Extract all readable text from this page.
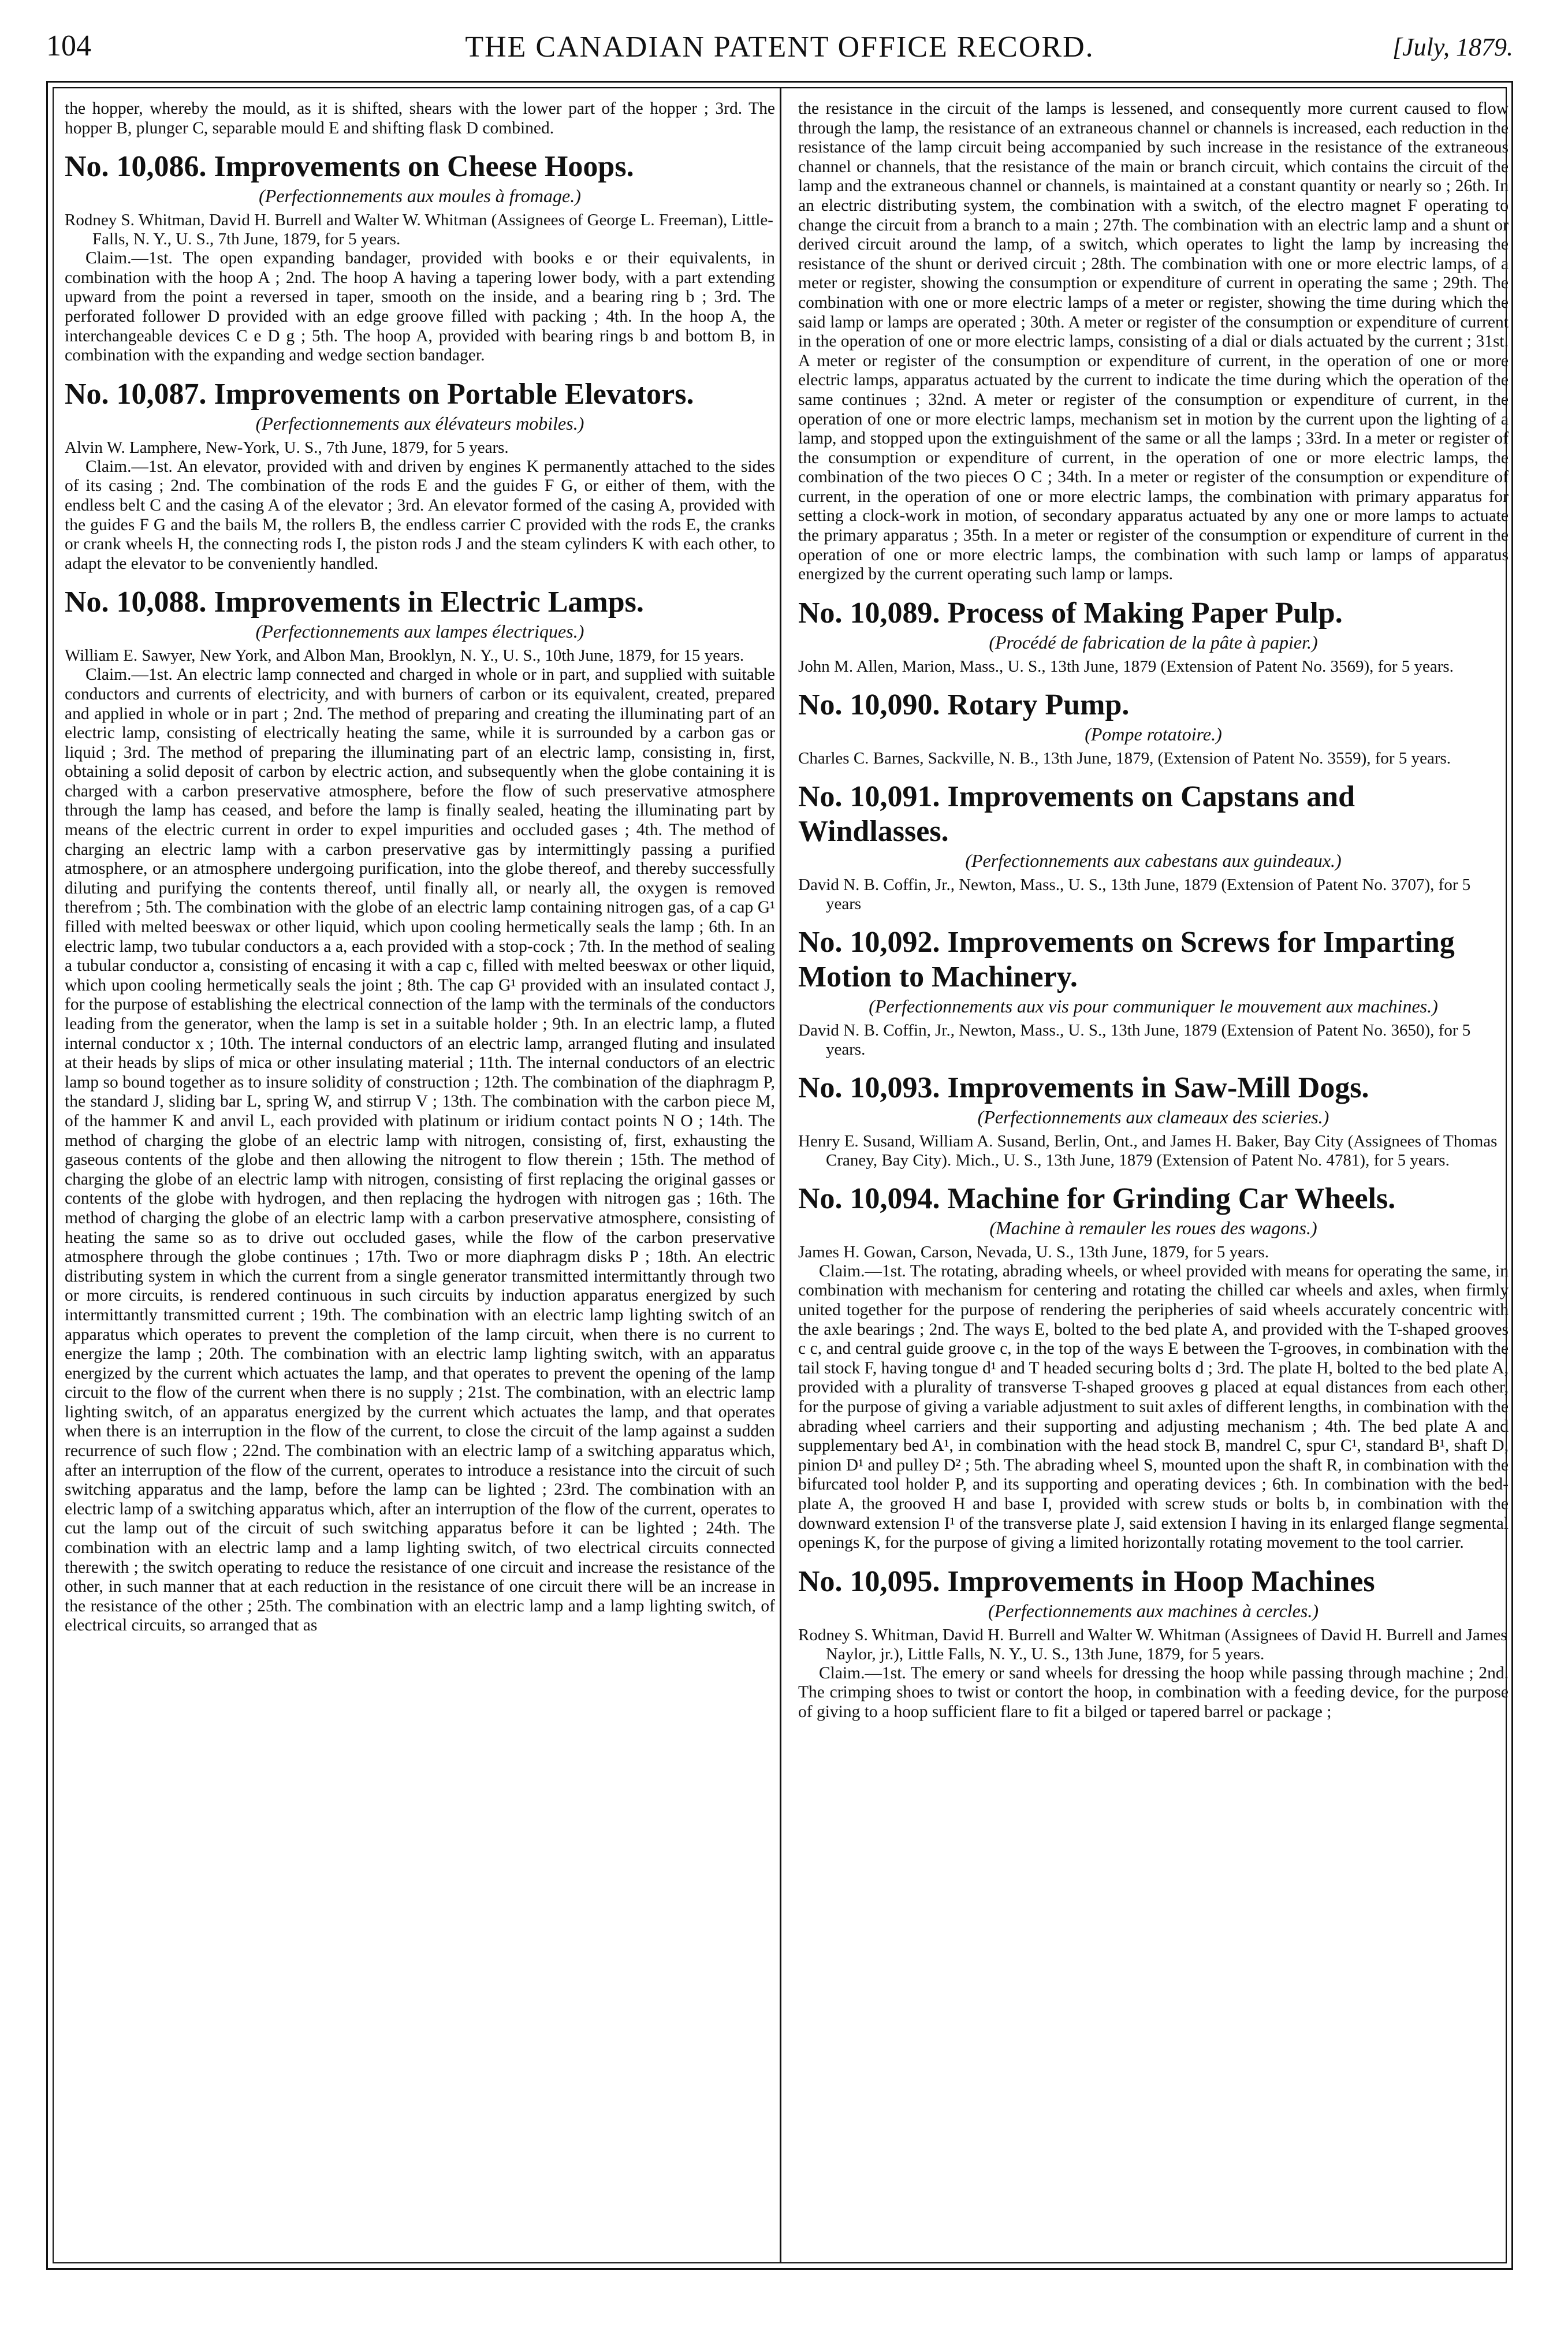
104	THE CANADIAN PATENT OFFICE RECORD.	[July, 1879.

the hopper, whereby the mould, as it is shifted, shears with the lower part of the hopper ; 3rd. The hopper B, plunger C, separable mould E and shifting flask D combined.

No. 10,086. Improvements on Cheese Hoops.

(Perfectionnements aux moules à fromage.)

Rodney S. Whitman, David H. Burrell and Walter W. Whitman (Assignees of George L. Freeman), Little-Falls, N. Y., U. S., 7th June, 1879, for 5 years.

Claim.—1st. The open expanding bandager, provided with books e or their equivalents, in combination with the hoop A ; 2nd. The hoop A having a tapering lower body, with a part extending upward from the point a reversed in taper, smooth on the inside, and a bearing ring b ; 3rd. The perforated follower D provided with an edge groove filled with packing ; 4th. In the hoop A, the interchangeable devices C e D g ; 5th. The hoop A, provided with bearing rings b and bottom B, in combination with the expanding and wedge section bandager.

No. 10,087. Improvements on Portable Elevators.

(Perfectionnements aux élévateurs mobiles.)

Alvin W. Lamphere, New-York, U. S., 7th June, 1879, for 5 years.

Claim.—1st. An elevator, provided with and driven by engines K permanently attached to the sides of its casing ; 2nd. The combination of the rods E and the guides F G, or either of them, with the endless belt C and the casing A of the elevator ; 3rd. An elevator formed of the casing A, provided with the guides F G and the bails M, the rollers B, the endless carrier C provided with the rods E, the cranks or crank wheels H, the connecting rods I, the piston rods J and the steam cylinders K with each other, to adapt the elevator to be conveniently handled.

No. 10,088. Improvements in Electric Lamps.

(Perfectionnements aux lampes électriques.)

William E. Sawyer, New York, and Albon Man, Brooklyn, N. Y., U. S., 10th June, 1879, for 15 years.

Claim.—1st. An electric lamp connected and charged in whole or in part, and supplied with suitable conductors and currents of electricity, and with burners of carbon or its equivalent, created, prepared and applied in whole or in part ; 2nd. The method of preparing and creating the illuminating part of an electric lamp, consisting of electrically heating the same, while it is surrounded by a carbon gas or liquid ; 3rd. The method of preparing the illuminating part of an electric lamp, consisting in, first, obtaining a solid deposit of carbon by electric action, and subsequently when the globe containing it is charged with a carbon preservative atmosphere, before the flow of such preservative atmosphere through the lamp has ceased, and before the lamp is finally sealed, heating the illuminating part by means of the electric current in order to expel impurities and occluded gases ; 4th. The method of charging an electric lamp with a carbon preservative gas by intermittingly passing a purified atmosphere, or an atmosphere undergoing purification, into the globe thereof, and thereby successfully diluting and purifying the contents thereof, until finally all, or nearly all, the oxygen is removed therefrom ; 5th. The combination with the globe of an electric lamp containing nitrogen gas, of a cap G¹ filled with melted beeswax or other liquid, which upon cooling hermetically seals the lamp ; 6th. In an electric lamp, two tubular conductors a a, each provided with a stop-cock ; 7th. In the method of sealing a tubular conductor a, consisting of encasing it with a cap c, filled with melted beeswax or other liquid, which upon cooling hermetically seals the joint ; 8th. The cap G¹ provided with an insulated contact J, for the purpose of establishing the electrical connection of the lamp with the terminals of the conductors leading from the generator, when the lamp is set in a suitable holder ; 9th. In an electric lamp, a fluted internal conductor x ; 10th. The internal conductors of an electric lamp, arranged fluting and insulated at their heads by slips of mica or other insulating material ; 11th. The internal conductors of an electric lamp so bound together as to insure solidity of construction ; 12th. The combination of the diaphragm P, the standard J, sliding bar L, spring W, and stirrup V ; 13th. The combination with the carbon piece M, of the hammer K and anvil L, each provided with platinum or iridium contact points N O ; 14th. The method of charging the globe of an electric lamp with nitrogen, consisting of, first, exhausting the gaseous contents of the globe and then allowing the nitrogent to flow therein ; 15th. The method of charging the globe of an electric lamp with nitrogen, consisting of first replacing the original gasses or contents of the globe with hydrogen, and then replacing the hydrogen with nitrogen gas ; 16th. The method of charging the globe of an electric lamp with a carbon preservative atmosphere, consisting of heating the same so as to drive out occluded gases, while the flow of the carbon preservative atmosphere through the globe continues ; 17th. Two or more diaphragm disks P ; 18th. An electric distributing system in which the current from a single generator transmitted intermittantly through two or more circuits, is rendered continuous in such circuits by induction apparatus energized by such intermittantly transmitted current ; 19th. The combination with an electric lamp lighting switch of an apparatus which operates to prevent the completion of the lamp circuit, when there is no current to energize the lamp ; 20th. The combination with an electric lamp lighting switch, with an apparatus energized by the current which actuates the lamp, and that operates to prevent the opening of the lamp circuit to the flow of the current when there is no supply ; 21st. The combination, with an electric lamp lighting switch, of an apparatus energized by the current which actuates the lamp, and that operates when there is an interruption in the flow of the current, to close the circuit of the lamp against a sudden recurrence of such flow ; 22nd. The combination with an electric lamp of a switching apparatus which, after an interruption of the flow of the current, operates to introduce a resistance into the circuit of such switching apparatus and the lamp, before the lamp can be lighted ; 23rd. The combination with an electric lamp of a switching apparatus which, after an interruption of the flow of the current, operates to cut the lamp out of the circuit of such switching apparatus before it can be lighted ; 24th. The combination with an electric lamp and a lamp lighting switch, of two electrical circuits connected therewith ; the switch operating to reduce the resistance of one circuit and increase the resistance of the other, in such manner that at each reduction in the resistance of one circuit there will be an increase in the resistance of the other ; 25th. The combination with an electric lamp and a lamp lighting switch, of electrical circuits, so arranged that as

the resistance in the circuit of the lamps is lessened, and consequently more current caused to flow through the lamp, the resistance of an extraneous channel or channels is increased, each reduction in the resistance of the lamp circuit being accompanied by such increase in the resistance of the extraneous channel or channels, that the resistance of the main or branch circuit, which contains the circuit of the lamp and the extraneous channel or channels, is maintained at a constant quantity or nearly so ; 26th. In an electric distributing system, the combination with a switch, of the electro magnet F operating to change the circuit from a branch to a main ; 27th. The combination with an electric lamp and a shunt or derived circuit around the lamp, of a switch, which operates to light the lamp by increasing the resistance of the shunt or derived circuit ; 28th. The combination with one or more electric lamps, of a meter or register, showing the consumption or expenditure of current in operating the same ; 29th. The combination with one or more electric lamps of a meter or register, showing the time during which the said lamp or lamps are operated ; 30th. A meter or register of the consumption or expenditure of current in the operation of one or more electric lamps, consisting of a dial or dials actuated by the current ; 31st. A meter or register of the consumption or expenditure of current, in the operation of one or more electric lamps, apparatus actuated by the current to indicate the time during which the operation of the same continues ; 32nd. A meter or register of the consumption or expenditure of current, in the operation of one or more electric lamps, mechanism set in motion by the current upon the lighting of a lamp, and stopped upon the extinguishment of the same or all the lamps ; 33rd. In a meter or register of the consumption or expenditure of current, in the operation of one or more electric lamps, the combination of the two pieces O C ; 34th. In a meter or register of the consumption or expenditure of current, in the operation of one or more electric lamps, the combination with primary apparatus for setting a clock-work in motion, of secondary apparatus actuated by any one or more lamps to actuate the primary apparatus ; 35th. In a meter or register of the consumption or expenditure of current in the operation of one or more electric lamps, the combination with such lamp or lamps of apparatus energized by the current operating such lamp or lamps.

No. 10,089. Process of Making Paper Pulp.

(Procédé de fabrication de la pâte à papier.)

John M. Allen, Marion, Mass., U. S., 13th June, 1879 (Extension of Patent No. 3569), for 5 years.

No. 10,090. Rotary Pump.

(Pompe rotatoire.)

Charles C. Barnes, Sackville, N. B., 13th June, 1879, (Extension of Patent No. 3559), for 5 years.

No. 10,091. Improvements on Capstans and Windlasses.

(Perfectionnements aux cabestans aux guindeaux.)

David N. B. Coffin, Jr., Newton, Mass., U. S., 13th June, 1879 (Extension of Patent No. 3707), for 5 years

No. 10,092. Improvements on Screws for Imparting Motion to Machinery.

(Perfectionnements aux vis pour communiquer le mouvement aux machines.)

David N. B. Coffin, Jr., Newton, Mass., U. S., 13th June, 1879 (Extension of Patent No. 3650), for 5 years.

No. 10,093. Improvements in Saw-Mill Dogs.

(Perfectionnements aux clameaux des scieries.)

Henry E. Susand, William A. Susand, Berlin, Ont., and James H. Baker, Bay City (Assignees of Thomas Craney, Bay City). Mich., U. S., 13th June, 1879 (Extension of Patent No. 4781), for 5 years.

No. 10,094. Machine for Grinding Car Wheels.

(Machine à remauler les roues des wagons.)

James H. Gowan, Carson, Nevada, U. S., 13th June, 1879, for 5 years.

Claim.—1st. The rotating, abrading wheels, or wheel provided with means for operating the same, in combination with mechanism for centering and rotating the chilled car wheels and axles, when firmly united together for the purpose of rendering the peripheries of said wheels accurately concentric with the axle bearings ; 2nd. The ways E, bolted to the bed plate A, and provided with the T-shaped grooves c c, and central guide groove c, in the top of the ways E between the T-grooves, in combination with the tail stock F, having tongue d¹ and T headed securing bolts d ; 3rd. The plate H, bolted to the bed plate A, provided with a plurality of transverse T-shaped grooves g placed at equal distances from each other, for the purpose of giving a variable adjustment to suit axles of different lengths, in combination with the abrading wheel carriers and their supporting and adjusting mechanism ; 4th. The bed plate A and supplementary bed A¹, in combination with the head stock B, mandrel C, spur C¹, standard B¹, shaft D, pinion D¹ and pulley D² ; 5th. The abrading wheel S, mounted upon the shaft R, in combination with the bifurcated tool holder P, and its supporting and operating devices ; 6th. In combination with the bed-plate A, the grooved H and base I, provided with screw studs or bolts b, in combination with the downward extension I¹ of the transverse plate J, said extension I having in its enlarged flange segmental openings K, for the purpose of giving a limited horizontally rotating movement to the tool carrier.

No. 10,095. Improvements in Hoop Machines

(Perfectionnements aux machines à cercles.)

Rodney S. Whitman, David H. Burrell and Walter W. Whitman (Assignees of David H. Burrell and James Naylor, jr.), Little Falls, N. Y., U. S., 13th June, 1879, for 5 years.

Claim.—1st. The emery or sand wheels for dressing the hoop while passing through machine ; 2nd. The crimping shoes to twist or contort the hoop, in combination with a feeding device, for the purpose of giving to a hoop sufficient flare to fit a bilged or tapered barrel or package ;
